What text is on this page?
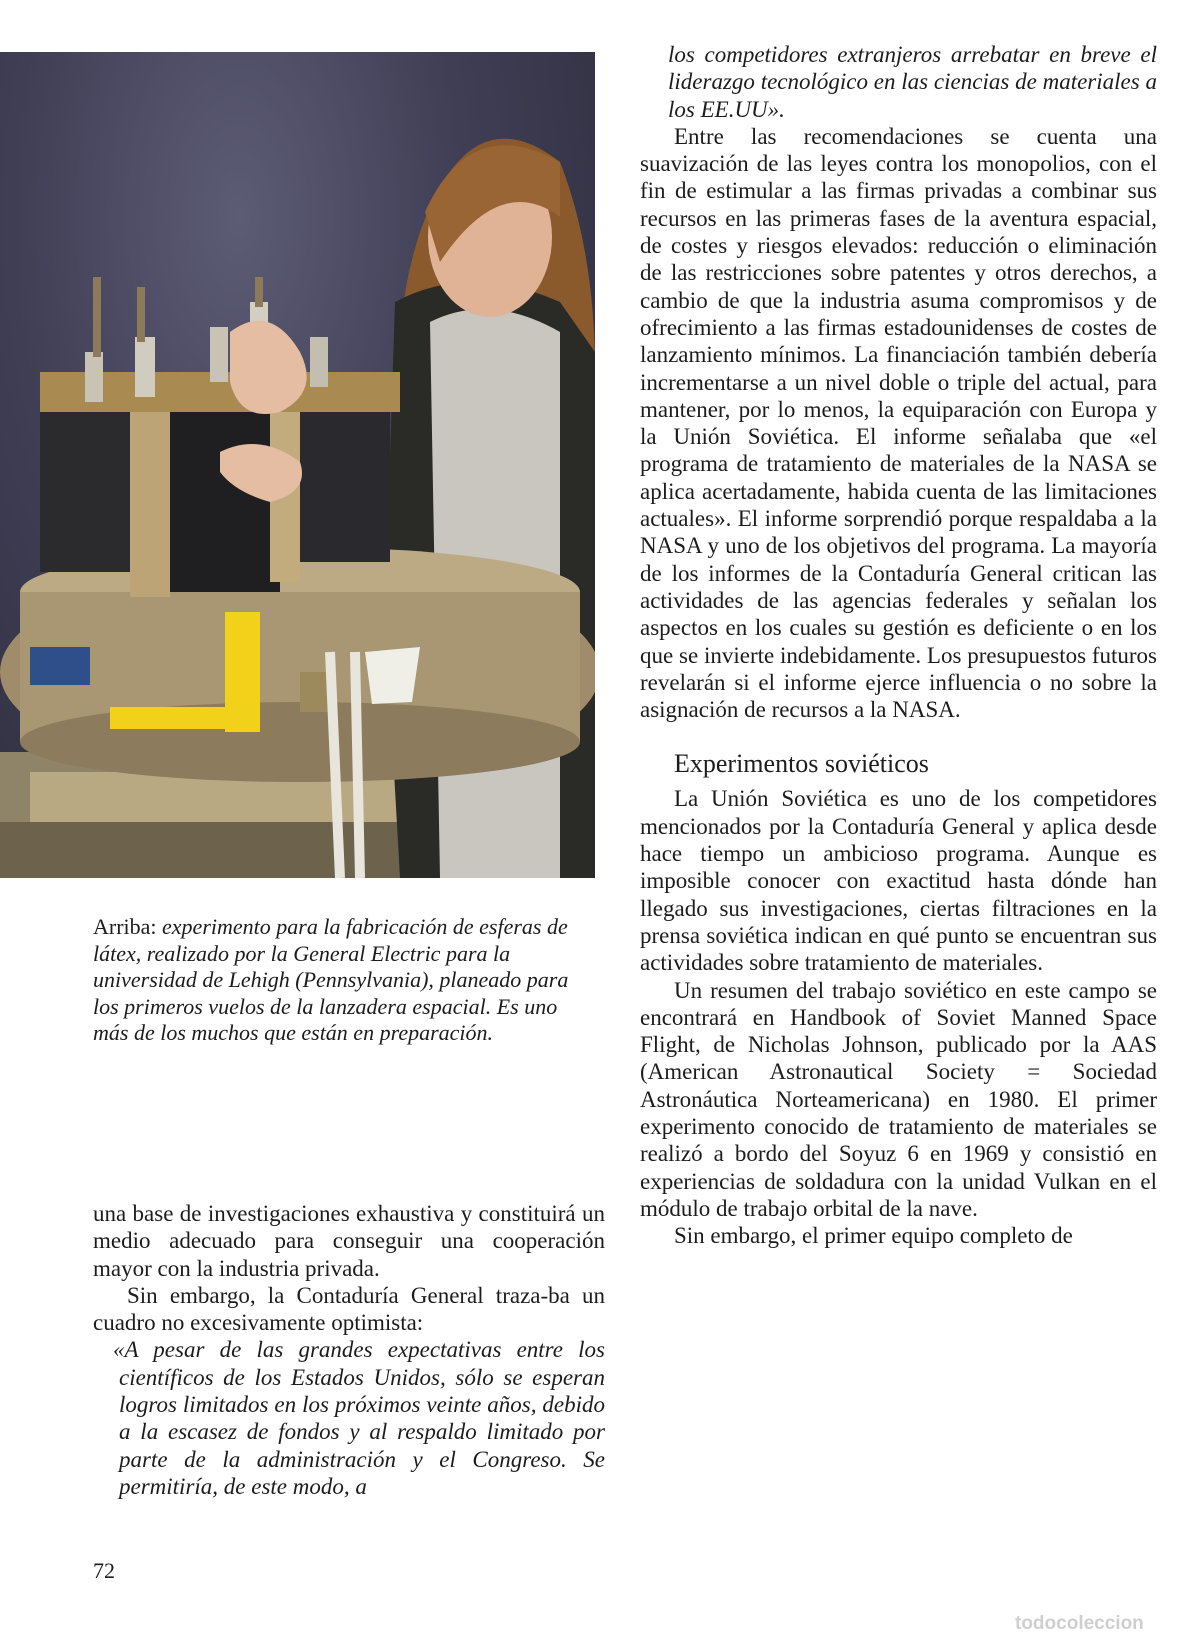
Arriba: experimento para la fabricación de esferas de látex, realizado por la General Electric para la universidad de Lehigh (Pennsylvania), planeado para los primeros vuelos de la lanzadera espacial. Es uno más de los muchos que están en preparación.

una base de investigaciones exhaustiva y constituirá un medio adecuado para conseguir una cooperación mayor con la industria privada.

Sin embargo, la Contaduría General traza-ba un cuadro no excesivamente optimista:

«A pesar de las grandes expectativas entre los científicos de los Estados Unidos, sólo se esperan logros limitados en los próximos veinte años, debido a la escasez de fondos y al respaldo limitado por parte de la administración y el Congreso. Se permitiría, de este modo, a

los competidores extranjeros arrebatar en breve el liderazgo tecnológico en las ciencias de materiales a los EE.UU».

Entre las recomendaciones se cuenta una suavización de las leyes contra los monopolios, con el fin de estimular a las firmas privadas a combinar sus recursos en las primeras fases de la aventura espacial, de costes y riesgos elevados: reducción o eliminación de las restricciones sobre patentes y otros derechos, a cambio de que la industria asuma compromisos y de ofrecimiento a las firmas estadounidenses de costes de lanzamiento mínimos. La financiación también debería incrementarse a un nivel doble o triple del actual, para mantener, por lo menos, la equiparación con Europa y la Unión Soviética. El informe señalaba que «el programa de tratamiento de materiales de la NASA se aplica acertadamente, habida cuenta de las limitaciones actuales». El informe sorprendió porque respaldaba a la NASA y uno de los objetivos del programa. La mayoría de los informes de la Contaduría General critican las actividades de las agencias federales y señalan los aspectos en los cuales su gestión es deficiente o en los que se invierte indebidamente. Los presupuestos futuros revelarán si el informe ejerce influencia o no sobre la asignación de recursos a la NASA.

Experimentos soviéticos

La Unión Soviética es uno de los competidores mencionados por la Contaduría General y aplica desde hace tiempo un ambicioso programa. Aunque es imposible conocer con exactitud hasta dónde han llegado sus investigaciones, ciertas filtraciones en la prensa soviética indican en qué punto se encuentran sus actividades sobre tratamiento de materiales.

Un resumen del trabajo soviético en este campo se encontrará en Handbook of Soviet Manned Space Flight, de Nicholas Johnson, publicado por la AAS (American Astronautical Society = Sociedad Astronáutica Norteamericana) en 1980. El primer experimento conocido de tratamiento de materiales se realizó a bordo del Soyuz 6 en 1969 y consistió en experiencias de soldadura con la unidad Vulkan en el módulo de trabajo orbital de la nave.

Sin embargo, el primer equipo completo de

72
todocoleccion
